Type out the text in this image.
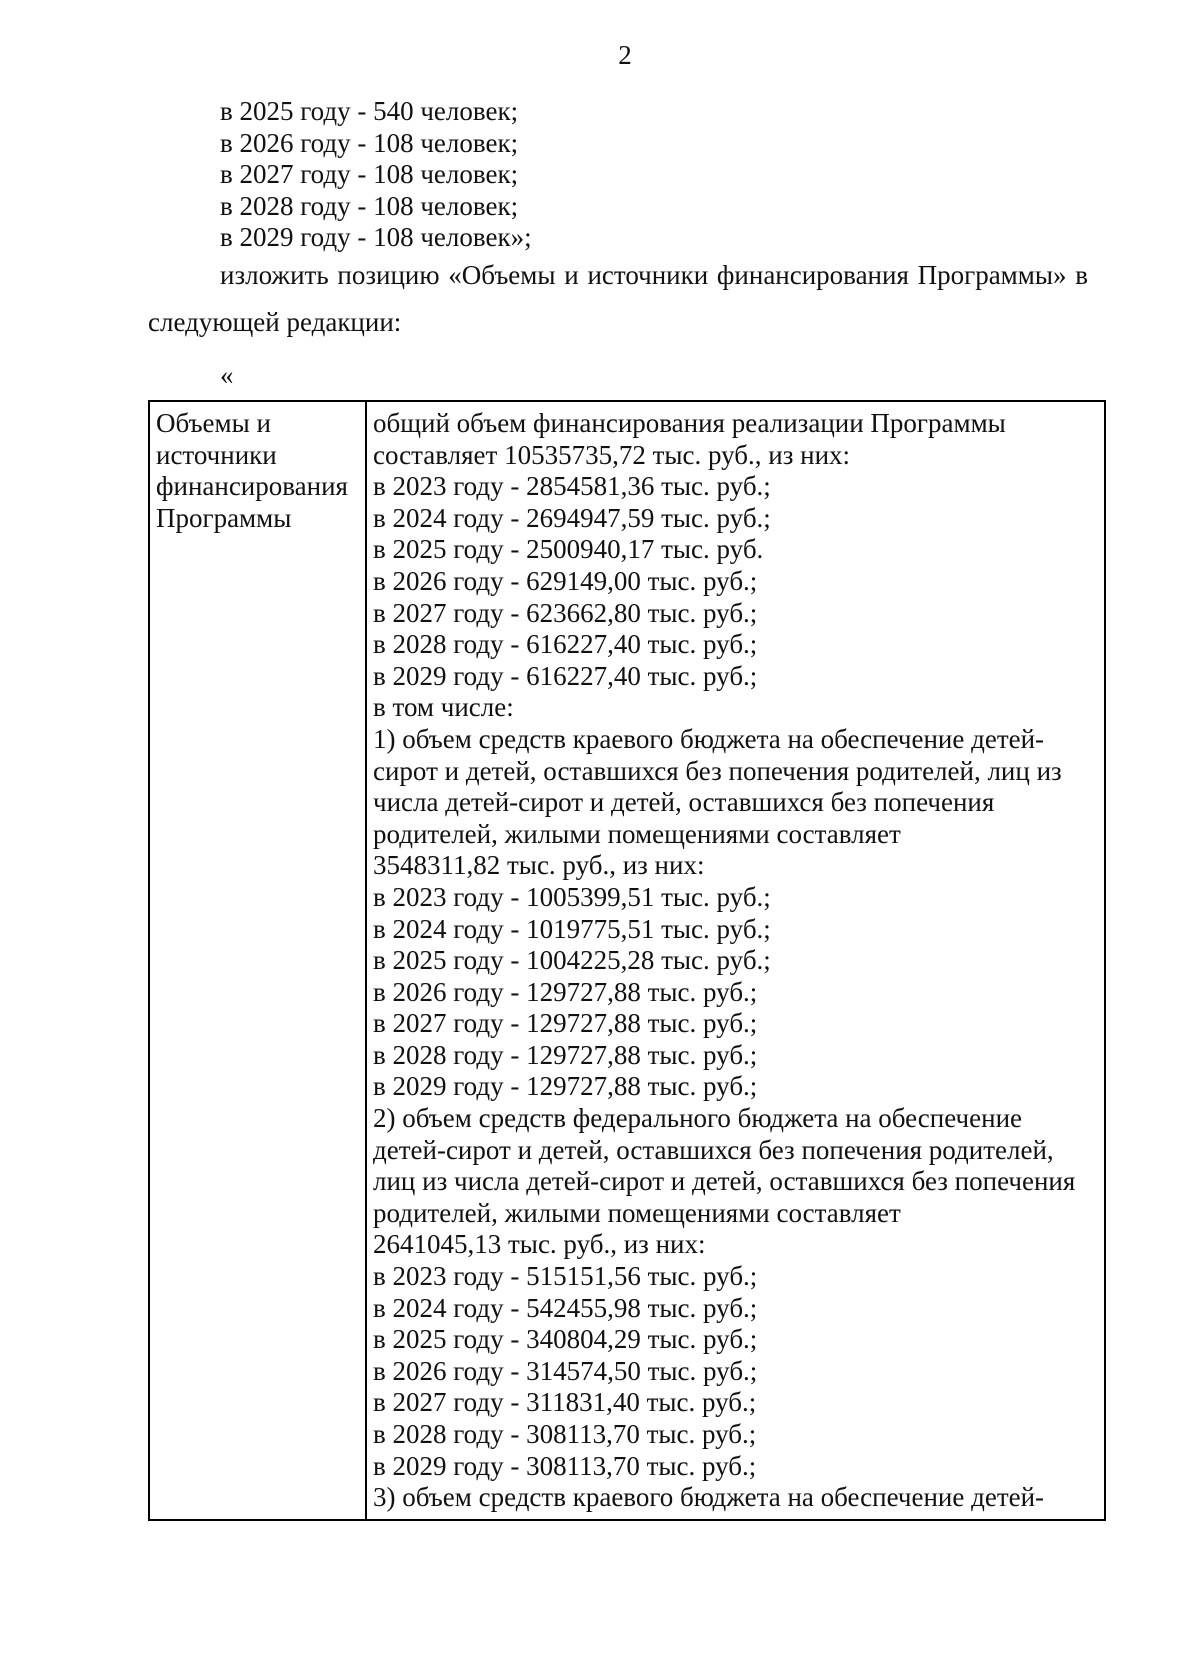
2
в 2025 году - 540 человек;
в 2026 году - 108 человек;
в 2027 году - 108 человек;
в 2028 году - 108 человек;
в 2029 году - 108 человек»;
изложить позицию «Объемы и источники финансирования Программы» в
следующей редакции:
«
Объемы и
источники
финансирования
Программы
общий объем финансирования реализации Программы
составляет 10535735,72 тыс. руб., из них:
в 2023 году - 2854581,36 тыс. руб.;
в 2024 году - 2694947,59 тыс. руб.;
в 2025 году - 2500940,17 тыс. руб.
в 2026 году - 629149,00 тыс. руб.;
в 2027 году - 623662,80 тыс. руб.;
в 2028 году - 616227,40 тыс. руб.;
в 2029 году - 616227,40 тыс. руб.;
в том числе:
1) объем средств краевого бюджета на обеспечение детей-
сирот и детей, оставшихся без попечения родителей, лиц из
числа детей-сирот и детей, оставшихся без попечения
родителей, жилыми помещениями составляет
3548311,82 тыс. руб., из них:
в 2023 году - 1005399,51 тыс. руб.;
в 2024 году - 1019775,51 тыс. руб.;
в 2025 году - 1004225,28 тыс. руб.;
в 2026 году - 129727,88 тыс. руб.;
в 2027 году - 129727,88 тыс. руб.;
в 2028 году - 129727,88 тыс. руб.;
в 2029 году - 129727,88 тыс. руб.;
2) объем средств федерального бюджета на обеспечение
детей-сирот и детей, оставшихся без попечения родителей,
лиц из числа детей-сирот и детей, оставшихся без попечения
родителей, жилыми помещениями составляет
2641045,13 тыс. руб., из них:
в 2023 году - 515151,56 тыс. руб.;
в 2024 году - 542455,98 тыс. руб.;
в 2025 году - 340804,29 тыс. руб.;
в 2026 году - 314574,50 тыс. руб.;
в 2027 году - 311831,40 тыс. руб.;
в 2028 году - 308113,70 тыс. руб.;
в 2029 году - 308113,70 тыс. руб.;
3) объем средств краевого бюджета на обеспечение детей-
